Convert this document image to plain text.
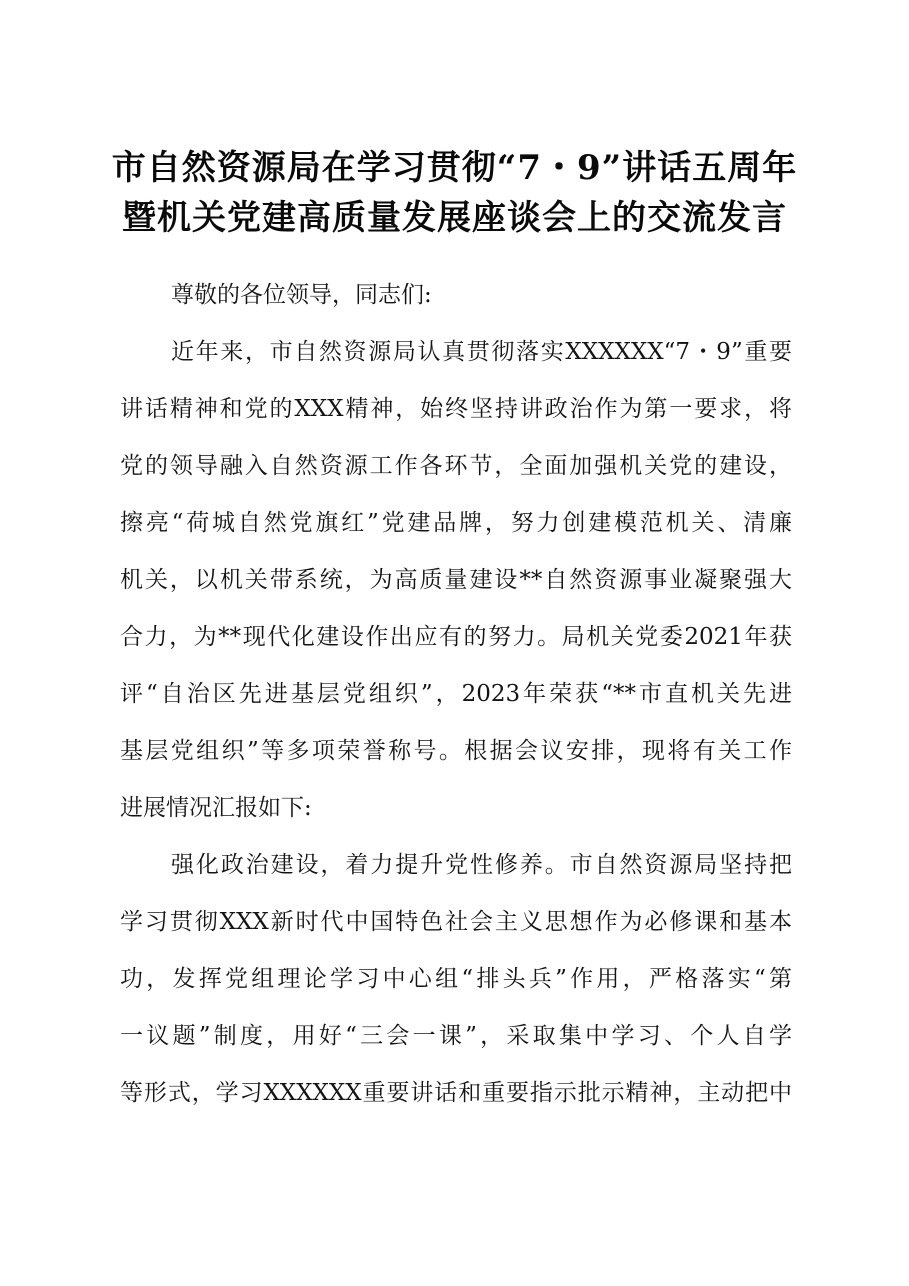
市自然资源局在学习贯彻“7・9”讲话五周年
暨机关党建高质量发展座谈会上的交流发言
尊敬的各位领导，同志们:
近年来，市自然资源局认真贯彻落实XXXXXX“7・9”重要
讲话精神和党的XXX精神，始终坚持讲政治作为第一要求，将
党的领导融入自然资源工作各环节，全面加强机关党的建设，
擦亮“荷城自然党旗红”党建品牌，努力创建模范机关、清廉
机关，以机关带系统，为高质量建设**自然资源事业凝聚强大
合力，为**现代化建设作出应有的努力。局机关党委2021年获
评“自治区先进基层党组织”，2023年荣获“**市直机关先进
基层党组织”等多项荣誉称号。根据会议安排，现将有关工作
进展情况汇报如下:
强化政治建设，着力提升党性修养。市自然资源局坚持把
学习贯彻XXX新时代中国特色社会主义思想作为必修课和基本
功，发挥党组理论学习中心组“排头兵”作用，严格落实“第
一议题”制度，用好“三会一课”，采取集中学习、个人自学
等形式，学习XXXXXX重要讲话和重要指示批示精神，主动把中
